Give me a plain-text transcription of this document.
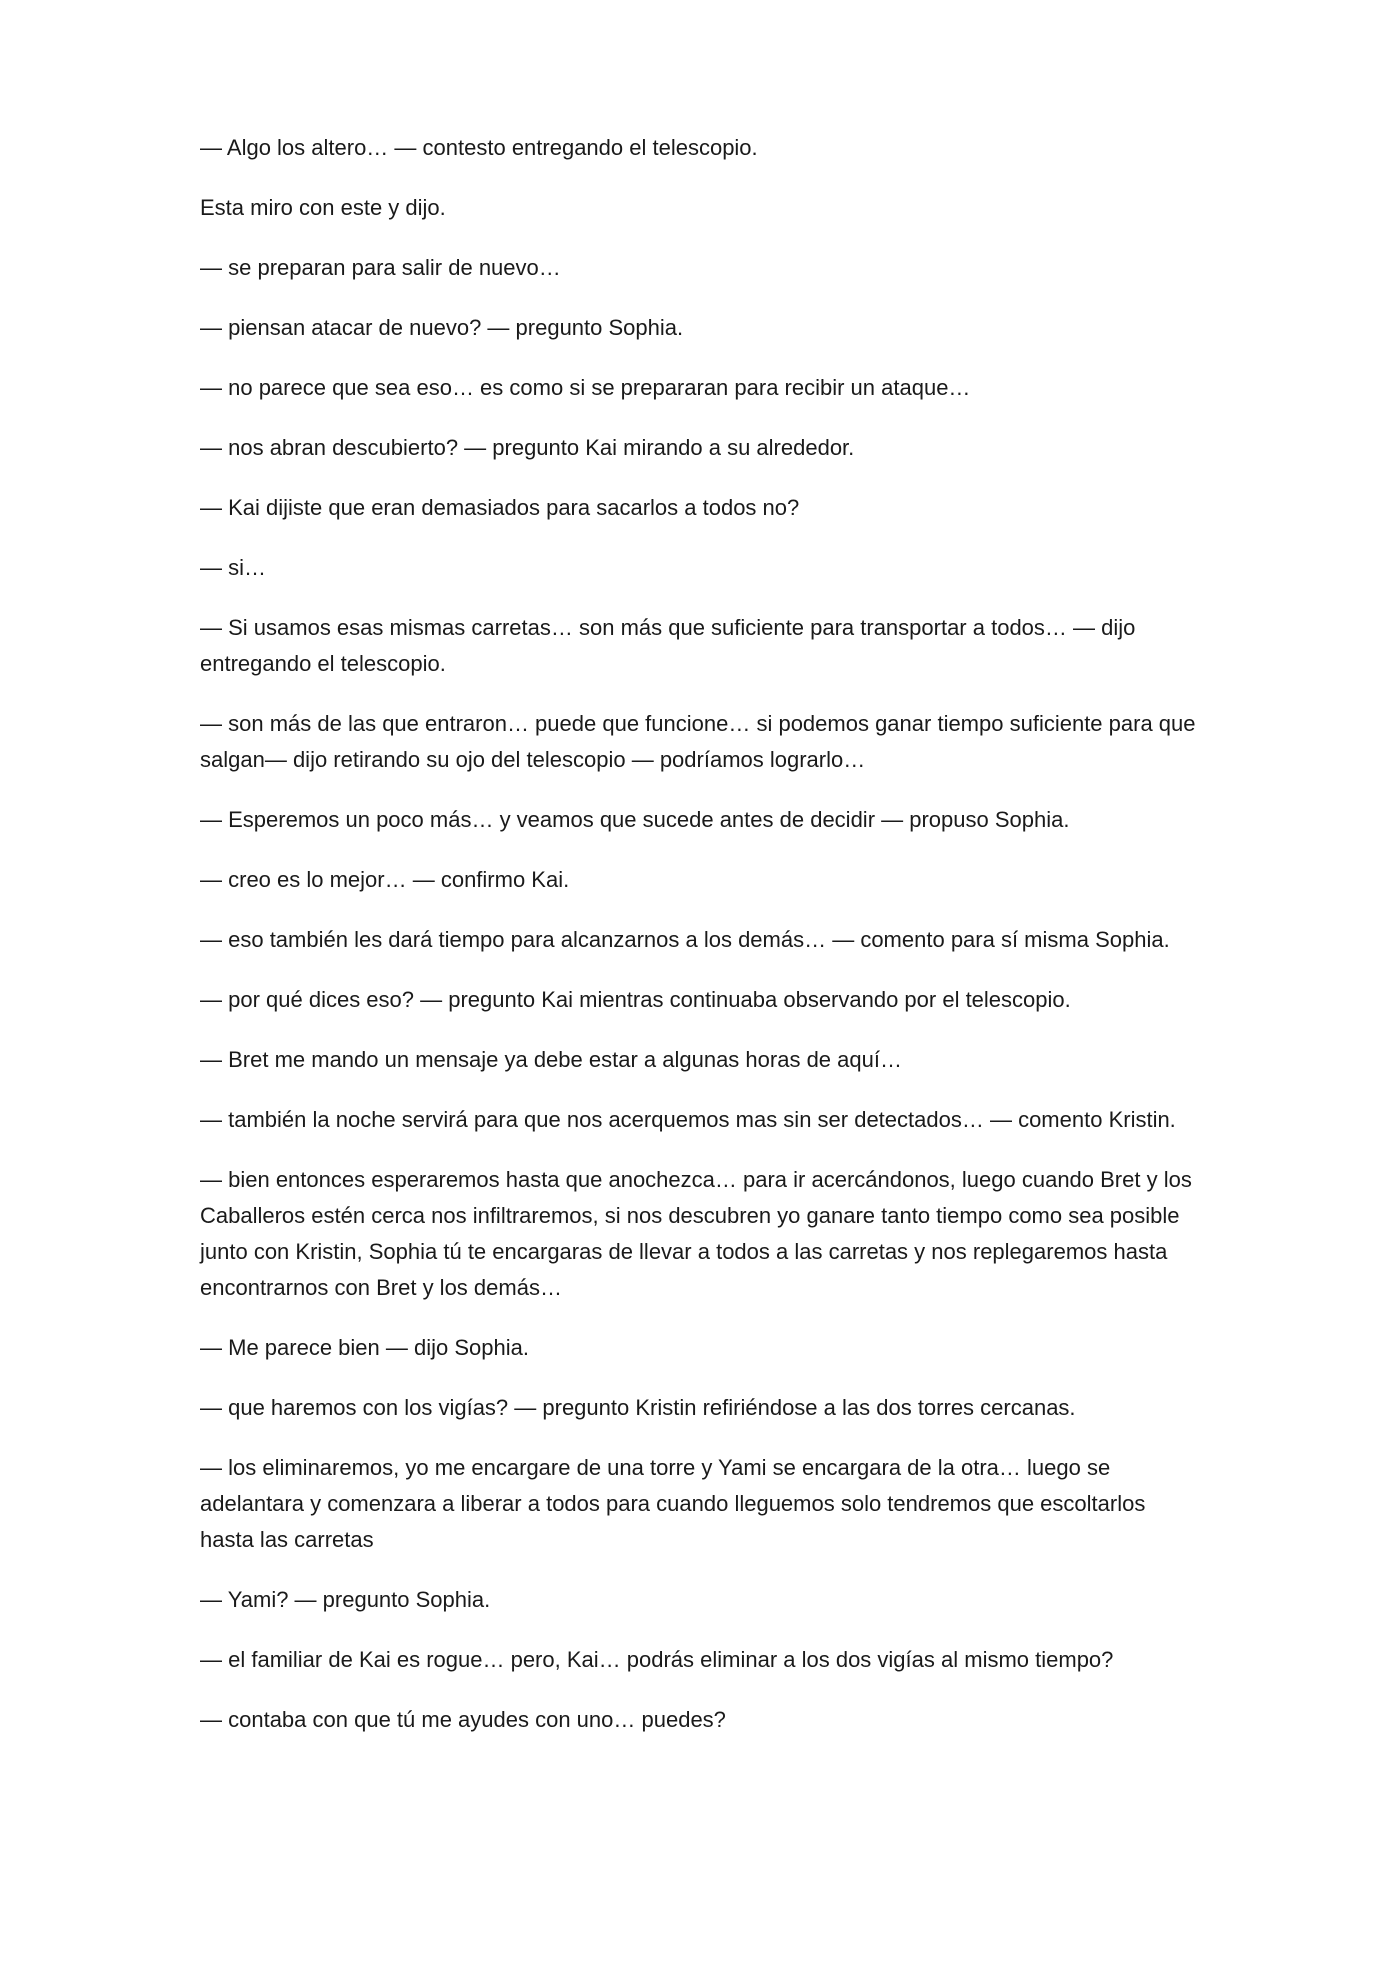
— Algo los altero… — contesto entregando el telescopio.

Esta miro con este y dijo.

— se preparan para salir de nuevo…

— piensan atacar de nuevo? — pregunto Sophia.

— no parece que sea eso… es como si se prepararan para recibir un ataque…

— nos abran descubierto? — pregunto Kai mirando a su alrededor.

— Kai dijiste que eran demasiados para sacarlos a todos no?

— si…

— Si usamos esas mismas carretas… son más que suficiente para transportar a todos… — dijo entregando el telescopio.

— son más de las que entraron… puede que funcione… si podemos ganar tiempo suficiente para que salgan— dijo retirando su ojo del telescopio — podríamos lograrlo…

— Esperemos un poco más… y veamos que sucede antes de decidir — propuso Sophia.

— creo es lo mejor… — confirmo Kai.

— eso también les dará tiempo para alcanzarnos a los demás… — comento para sí misma Sophia.

— por qué dices eso? — pregunto Kai mientras continuaba observando por el telescopio.

— Bret me mando un mensaje ya debe estar a algunas horas de aquí…

— también la noche servirá para que nos acerquemos mas sin ser detectados… — comento Kristin.

— bien entonces esperaremos hasta que anochezca… para ir acercándonos, luego cuando Bret y los Caballeros estén cerca nos infiltraremos, si nos descubren yo ganare tanto tiempo como sea posible junto con Kristin, Sophia tú te encargaras de llevar a todos a las carretas y nos replegaremos hasta encontrarnos con Bret y los demás…

— Me parece bien — dijo Sophia.

— que haremos con los vigías? — pregunto Kristin refiriéndose a las dos torres cercanas.

— los eliminaremos, yo me encargare de una torre y Yami se encargara de la otra… luego se adelantara y comenzara a liberar a todos para cuando lleguemos solo tendremos que escoltarlos hasta las carretas

— Yami? — pregunto Sophia.

— el familiar de Kai es rogue… pero, Kai… podrás eliminar a los dos vigías al mismo tiempo?

— contaba con que tú me ayudes con uno… puedes?
